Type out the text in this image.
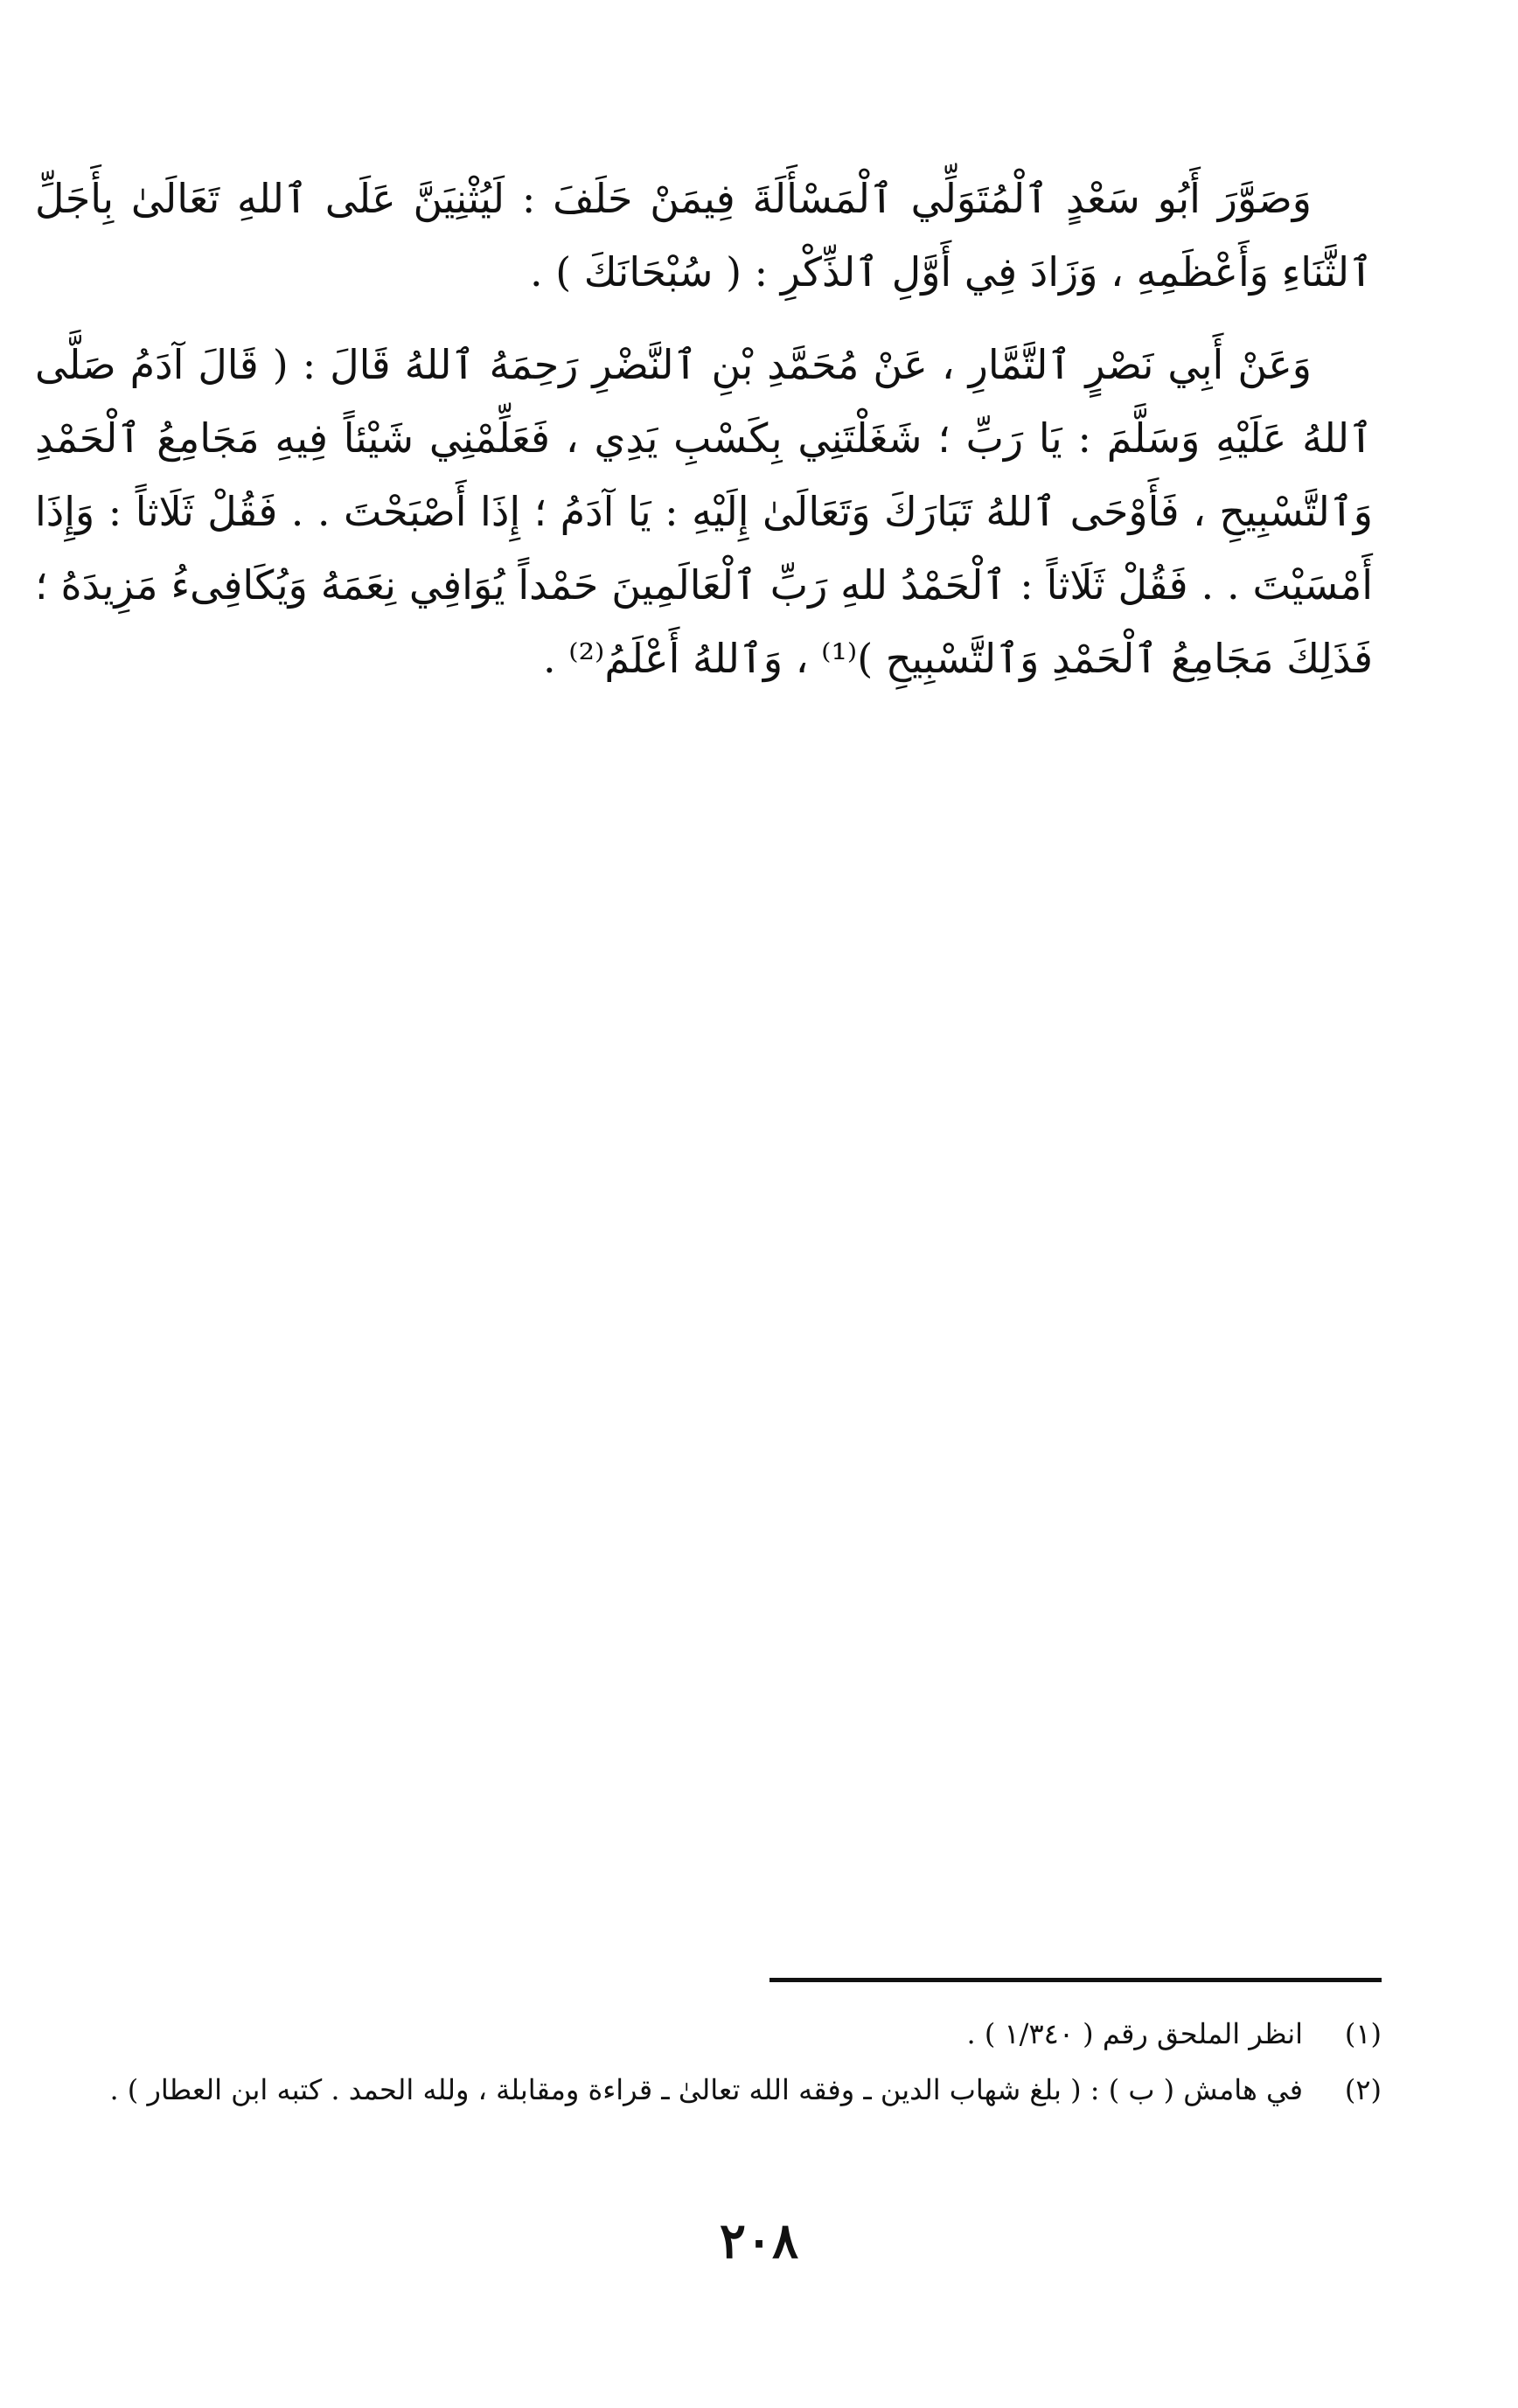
وَصَوَّرَ أَبُو سَعْدٍ ٱلْمُتَوَلِّي ٱلْمَسْأَلَةَ فِيمَنْ حَلَفَ : لَيُثْنِيَنَّ عَلَى ٱللهِ تَعَالَىٰ بِأَجَلِّ ٱلثَّنَاءِ وَأَعْظَمِهِ ، وَزَادَ فِي أَوَّلِ ٱلذِّكْرِ : ( سُبْحَانَكَ ) .

وَعَنْ أَبِي نَصْرٍ ٱلتَّمَّارِ ، عَنْ مُحَمَّدِ بْنِ ٱلنَّضْرِ رَحِمَهُ ٱللهُ قَالَ : ( قَالَ آدَمُ صَلَّى ٱللهُ عَلَيْهِ وَسَلَّمَ : يَا رَبِّ ؛ شَغَلْتَنِي بِكَسْبِ يَدِي ، فَعَلِّمْنِي شَيْئاً فِيهِ مَجَامِعُ ٱلْحَمْدِ وَٱلتَّسْبِيحِ ، فَأَوْحَى ٱللهُ تَبَارَكَ وَتَعَالَىٰ إِلَيْهِ : يَا آدَمُ ؛ إِذَا أَصْبَحْتَ . . فَقُلْ ثَلَاثاً : وَإِذَا أَمْسَيْتَ . . فَقُلْ ثَلَاثاً : ٱلْحَمْدُ للهِ رَبِّ ٱلْعَالَمِينَ حَمْداً يُوَافِي نِعَمَهُ وَيُكَافِىءُ مَزِيدَهُ ؛ فَذَلِكَ مَجَامِعُ ٱلْحَمْدِ وَٱلتَّسْبِيحِ )⁽¹⁾ ، وَٱللهُ أَعْلَمُ⁽²⁾ .

(١)
انظر الملحق رقم ( ١/٣٤٠ ) .
(٢)
في هامش ( ب ) : ( بلغ شهاب الدين ـ وفقه الله تعالىٰ ـ قراءة ومقابلة ، ولله الحمد . كتبه ابن العطار ) .
٢٠٨
